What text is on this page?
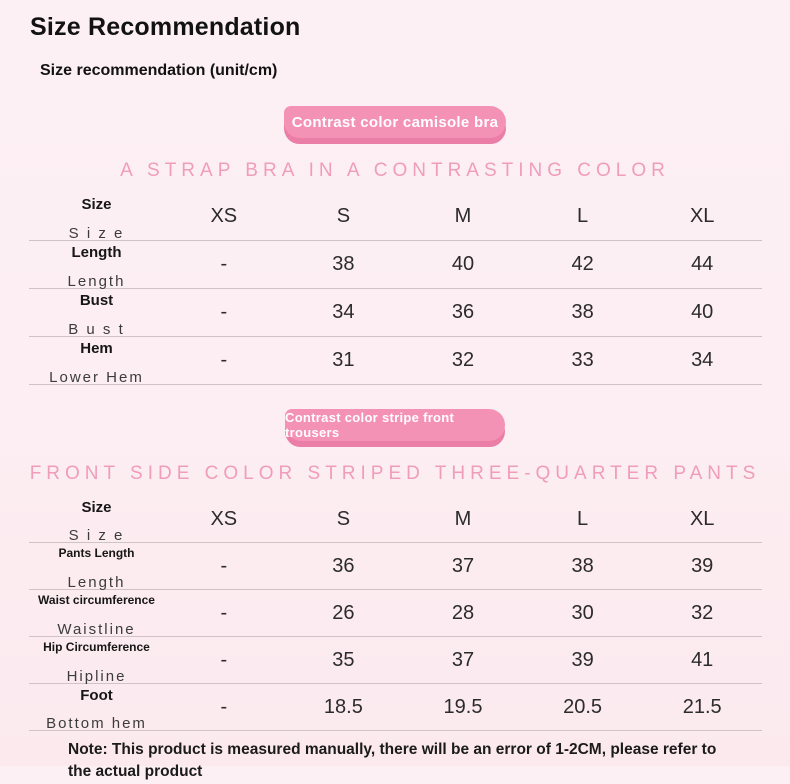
Size Recommendation
Size recommendation (unit/cm)
Contrast color camisole bra
A STRAP BRA IN A CONTRASTING COLOR
Size
S i z e
XS	S	M	L	XL
Length
Length
-	38	40	42	44
Bust
B u s t
-	34	36	38	40
Hem
Lower Hem
-	31	32	33	34
Contrast color stripe front trousers
FRONT SIDE COLOR STRIPED THREE-QUARTER PANTS
Size
S i z e
XS	S	M	L	XL
Pants Length
Length
-	36	37	38	39
Waist circumference
Waistline
-	26	28	30	32
Hip Circumference
Hipline
-	35	37	39	41
Foot
Bottom hem
-	18.5	19.5	20.5	21.5
Note: This product is measured manually, there will be an error of 1-2CM, please refer to the actual product
